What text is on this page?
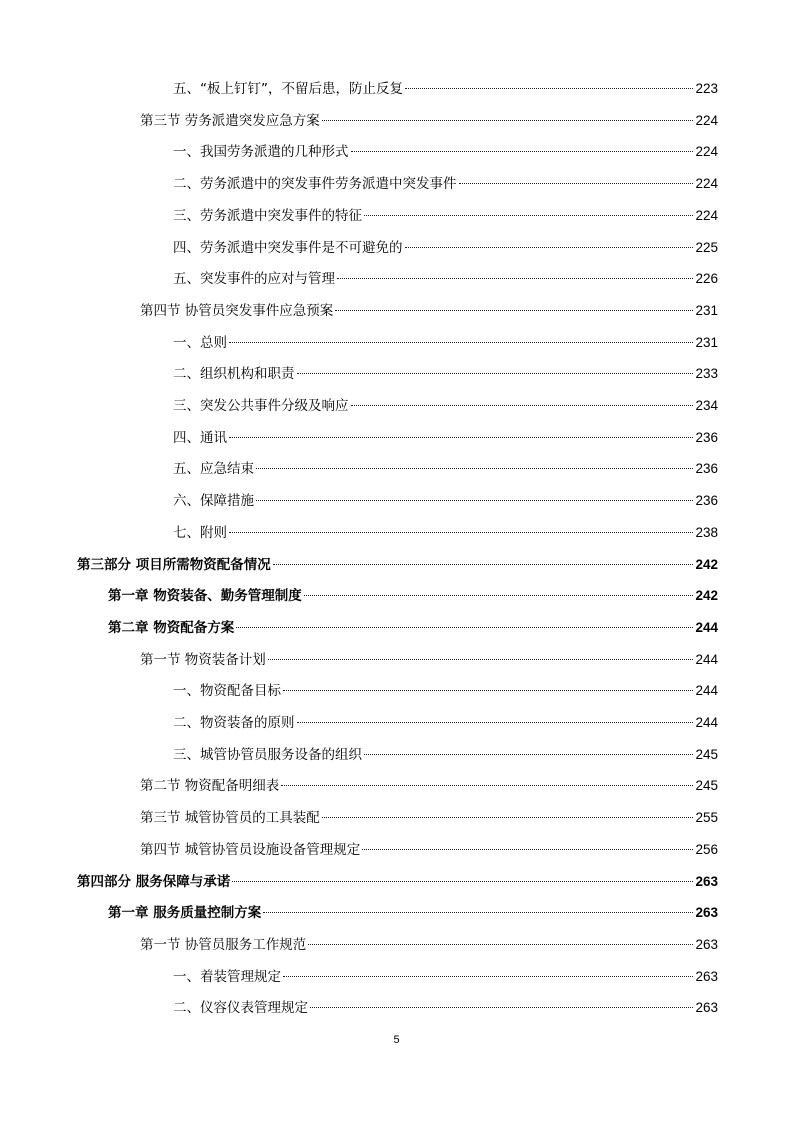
五、“板上钉钉”，不留后患，防止反复	223
第三节 劳务派遣突发应急方案	224
一、我国劳务派遣的几种形式	224
二、劳务派遣中的突发事件劳务派遣中突发事件	224
三、劳务派遣中突发事件的特征	224
四、劳务派遣中突发事件是不可避免的	225
五、突发事件的应对与管理	226
第四节 协管员突发事件应急预案	231
一、总则	231
二、组织机构和职责	233
三、突发公共事件分级及响应	234
四、通讯	236
五、应急结束	236
六、保障措施	236
七、附则	238
第三部分 项目所需物资配备情况	242
第一章 物资装备、勤务管理制度	242
第二章 物资配备方案	244
第一节 物资装备计划	244
一、物资配备目标	244
二、物资装备的原则	244
三、城管协管员服务设备的组织	245
第二节 物资配备明细表	245
第三节 城管协管员的工具装配	255
第四节 城管协管员设施设备管理规定	256
第四部分 服务保障与承诺	263
第一章 服务质量控制方案	263
第一节 协管员服务工作规范	263
一、着装管理规定	263
二、仪容仪表管理规定	263
5
